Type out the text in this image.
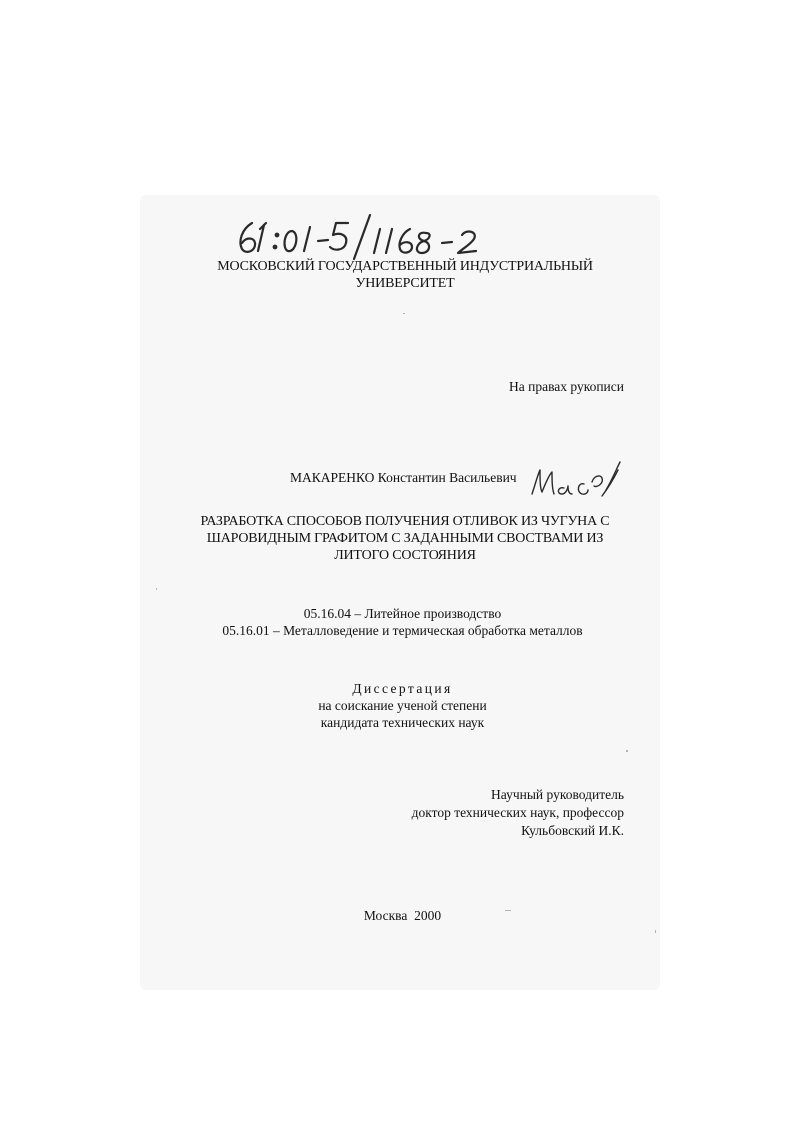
61:01-5/1168-2
МОСКОВСКИЙ ГОСУДАРСТВЕННЫЙ ИНДУСТРИАЛЬНЫЙ
УНИВЕРСИТЕТ
На правах рукописи
МАКАРЕНКО Константин Васильевич
Мак
РАЗРАБОТКА СПОСОБОВ ПОЛУЧЕНИЯ ОТЛИВОК ИЗ ЧУГУНА С
ШАРОВИДНЫМ ГРАФИТОМ С ЗАДАННЫМИ СВОСТВАМИ ИЗ
ЛИТОГО СОСТОЯНИЯ
05.16.04 – Литейное производство
05.16.01 – Металловедение и термическая обработка металлов
Диссертация
на соискание ученой степени
кандидата технических наук
Научный руководитель
доктор технических наук, профессор
Кульбовский И.К.
Москва  2000
